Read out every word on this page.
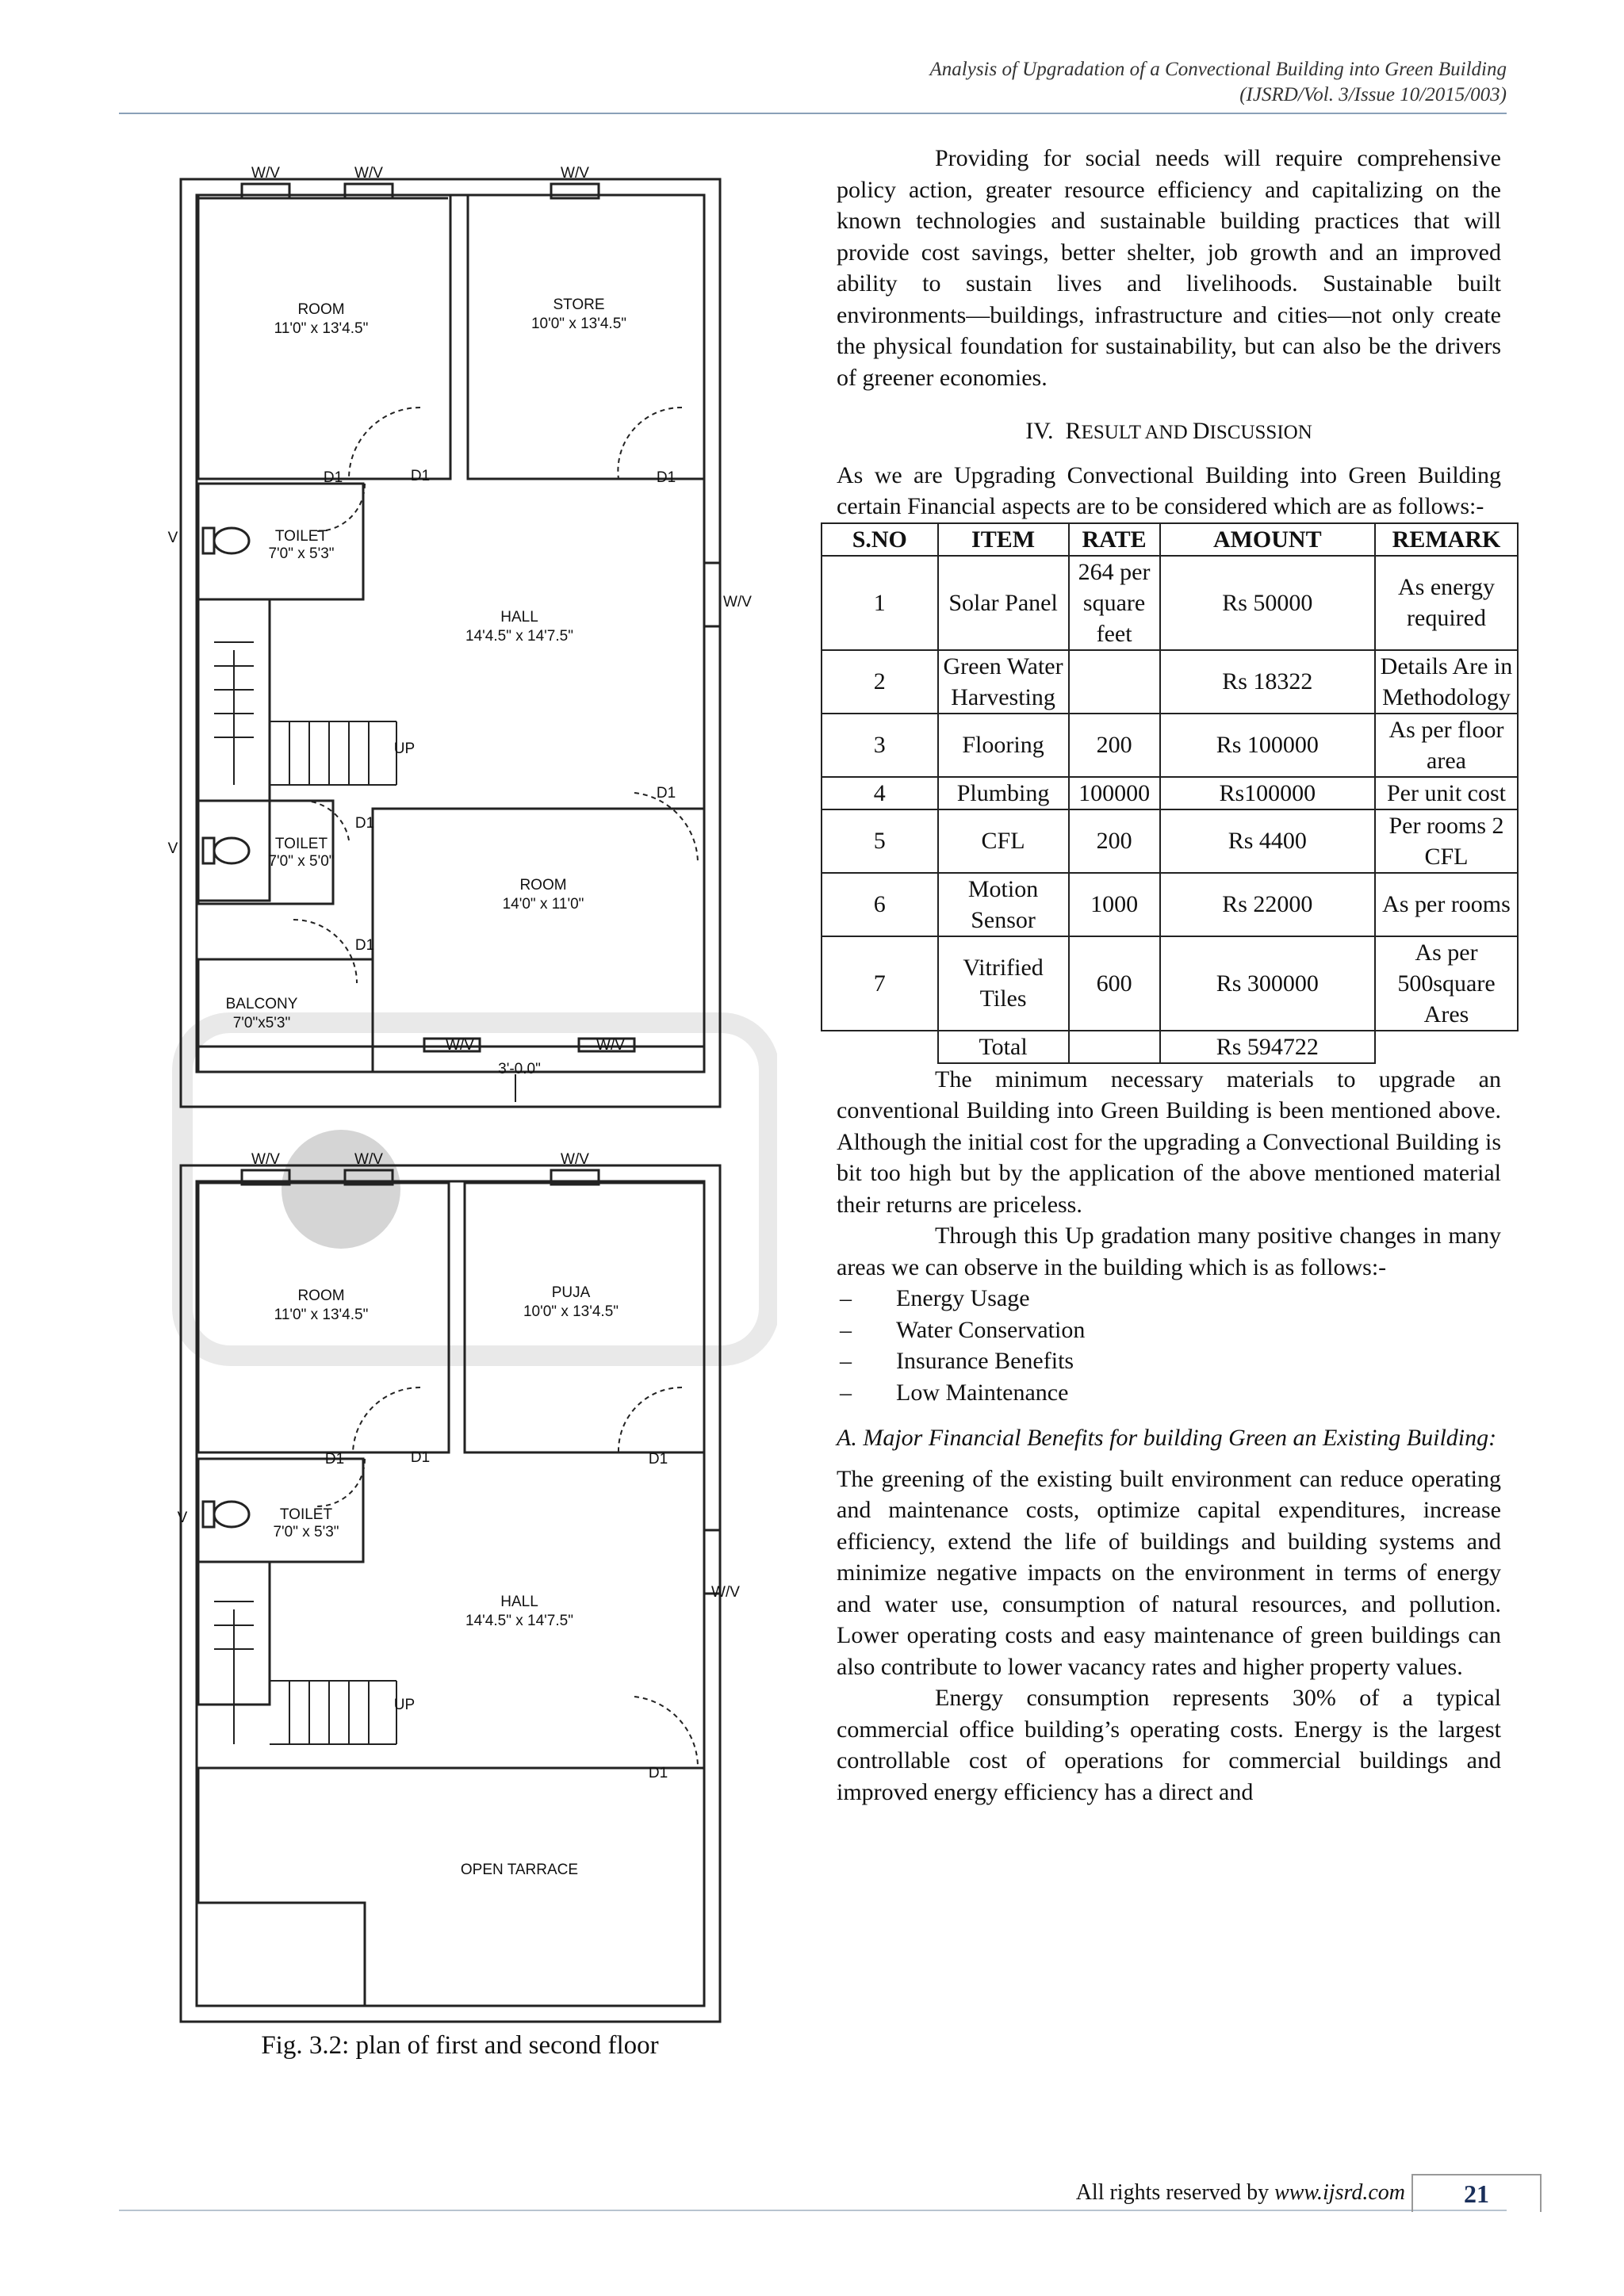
Analysis of Upgradation of a Convectional Building into Green Building
(IJSRD/Vol. 3/Issue 10/2015/003)
W/V	W/V	W/V
ROOM
11'0" x 13'4.5"
STORE
10'0" x 13'4.5"
D1	D1	D1
V	TOILET
7'0" x 5'3"
W/V
HALL
14'4.5" x 14'7.5"
UP
D1
D1
V	TOILET
7'0" x 5'0"
ROOM
14'0" x 11'0"
D1
BALCONY
7'0"x5'3"
W/V	W/V
3'-0.0"
W/V	W/V	W/V
ROOM
11'0" x 13'4.5"
PUJA
10'0" x 13'4.5"
D1	D1	D1
V	TOILET
7'0" x 5'3"
W/V
HALL
14'4.5" x 14'7.5"
UP
D1
OPEN TARRACE
Fig. 3.2: plan of first and second floor

Providing for social needs will require comprehensive policy action, greater resource efficiency and capitalizing on the known technologies and sustainable building practices that will provide cost savings, better shelter, job growth and an improved ability to sustain lives and livelihoods. Sustainable built environments—buildings, infrastructure and cities—not only create the physical foundation for sustainability, but can also be the drivers of greener economies.

IV. RESULT AND DISCUSSION

As we are Upgrading Convectional Building into Green Building certain Financial aspects are to be considered which are as follows:-

S.NO	ITEM	RATE	AMOUNT	REMARK
1	Solar Panel	264 per square feet	Rs 50000	As energy required
2	Green Water Harvesting		Rs 18322	Details Are in Methodology
3	Flooring	200	Rs 100000	As per floor area
4	Plumbing	100000	Rs100000	Per unit cost
5	CFL	200	Rs 4400	Per rooms 2 CFL
6	Motion Sensor	1000	Rs 22000	As per rooms
7	Vitrified Tiles	600	Rs 300000	As per 500square Ares
	Total		Rs 594722	

The minimum necessary materials to upgrade an conventional Building into Green Building is been mentioned above. Although the initial cost for the upgrading a Convectional Building is bit too high but by the application of the above mentioned material their returns are priceless.

Through this Up gradation many positive changes in many areas we can observe in the building which is as follows:-

– Energy Usage
– Water Conservation
– Insurance Benefits
– Low Maintenance

A. Major Financial Benefits for building Green an Existing Building:

The greening of the existing built environment can reduce operating and maintenance costs, optimize capital expenditures, increase efficiency, extend the life of buildings and building systems and minimize negative impacts on the environment in terms of energy and water use, consumption of natural resources, and pollution. Lower operating costs and easy maintenance of green buildings can also contribute to lower vacancy rates and higher property values.

Energy consumption represents 30% of a typical commercial office building’s operating costs. Energy is the largest controllable cost of operations for commercial buildings and improved energy efficiency has a direct and

All rights reserved by www.ijsrd.com	21
